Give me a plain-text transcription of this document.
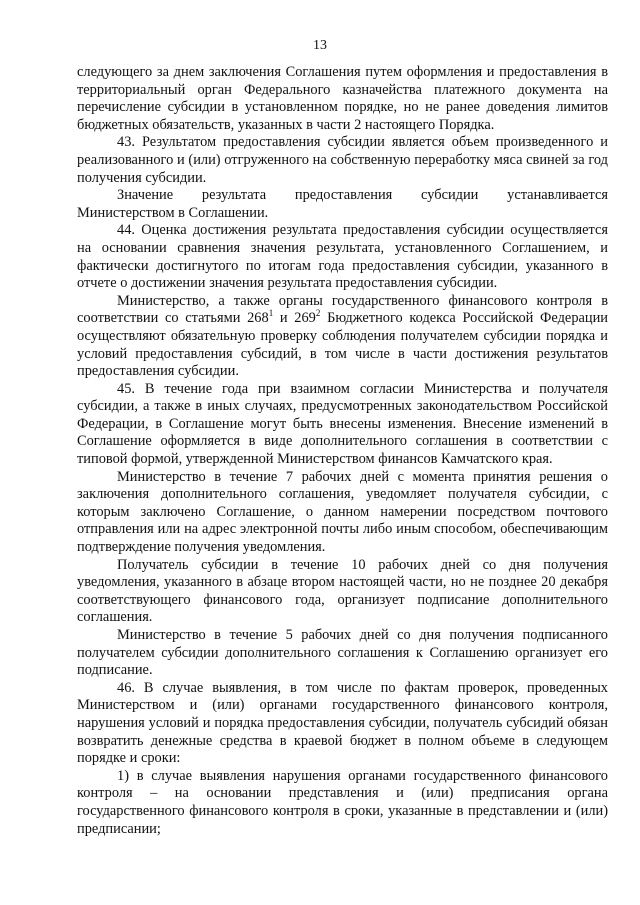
13

следующего за днем заключения Соглашения путем оформления и предоставления в территориальный орган Федерального казначейства платежного документа на перечисление субсидии в установленном порядке, но не ранее доведения лимитов бюджетных обязательств, указанных в части 2 настоящего Порядка.

43. Результатом предоставления субсидии является объем произведенного и реализованного и (или) отгруженного на собственную переработку мяса свиней за год получения субсидии.

Значение результата предоставления субсидии устанавливается Министерством в Соглашении.

44. Оценка достижения результата предоставления субсидии осуществляется на основании сравнения значения результата, установленного Соглашением, и фактически достигнутого по итогам года предоставления субсидии, указанного в отчете о достижении значения результата предоставления субсидии.

Министерство, а также органы государственного финансового контроля в соответствии со статьями $268^1$ и $269^2$ Бюджетного кодекса Российской Федерации осуществляют обязательную проверку соблюдения получателем субсидии порядка и условий предоставления субсидий, в том числе в части достижения результатов предоставления субсидии.

45. В течение года при взаимном согласии Министерства и получателя субсидии, а также в иных случаях, предусмотренных законодательством Российской Федерации, в Соглашение могут быть внесены изменения. Внесение изменений в Соглашение оформляется в виде дополнительного соглашения в соответствии с типовой формой, утвержденной Министерством финансов Камчатского края.

Министерство в течение 7 рабочих дней с момента принятия решения о заключения дополнительного соглашения, уведомляет получателя субсидии, с которым заключено Соглашение, о данном намерении посредством почтового отправления или на адрес электронной почты либо иным способом, обеспечивающим подтверждение получения уведомления.

Получатель субсидии в течение 10 рабочих дней со дня получения уведомления, указанного в абзаце втором настоящей части, но не позднее 20 декабря соответствующего финансового года, организует подписание дополнительного соглашения.

Министерство в течение 5 рабочих дней со дня получения подписанного получателем субсидии дополнительного соглашения к Соглашению организует его подписание.

46. В случае выявления, в том числе по фактам проверок, проведенных Министерством и (или) органами государственного финансового контроля, нарушения условий и порядка предоставления субсидии, получатель субсидий обязан возвратить денежные средства в краевой бюджет в полном объеме в следующем порядке и сроки:

1) в случае выявления нарушения органами государственного финансового контроля – на основании представления и (или) предписания органа государственного финансового контроля в сроки, указанные в представлении и (или) предписании;
